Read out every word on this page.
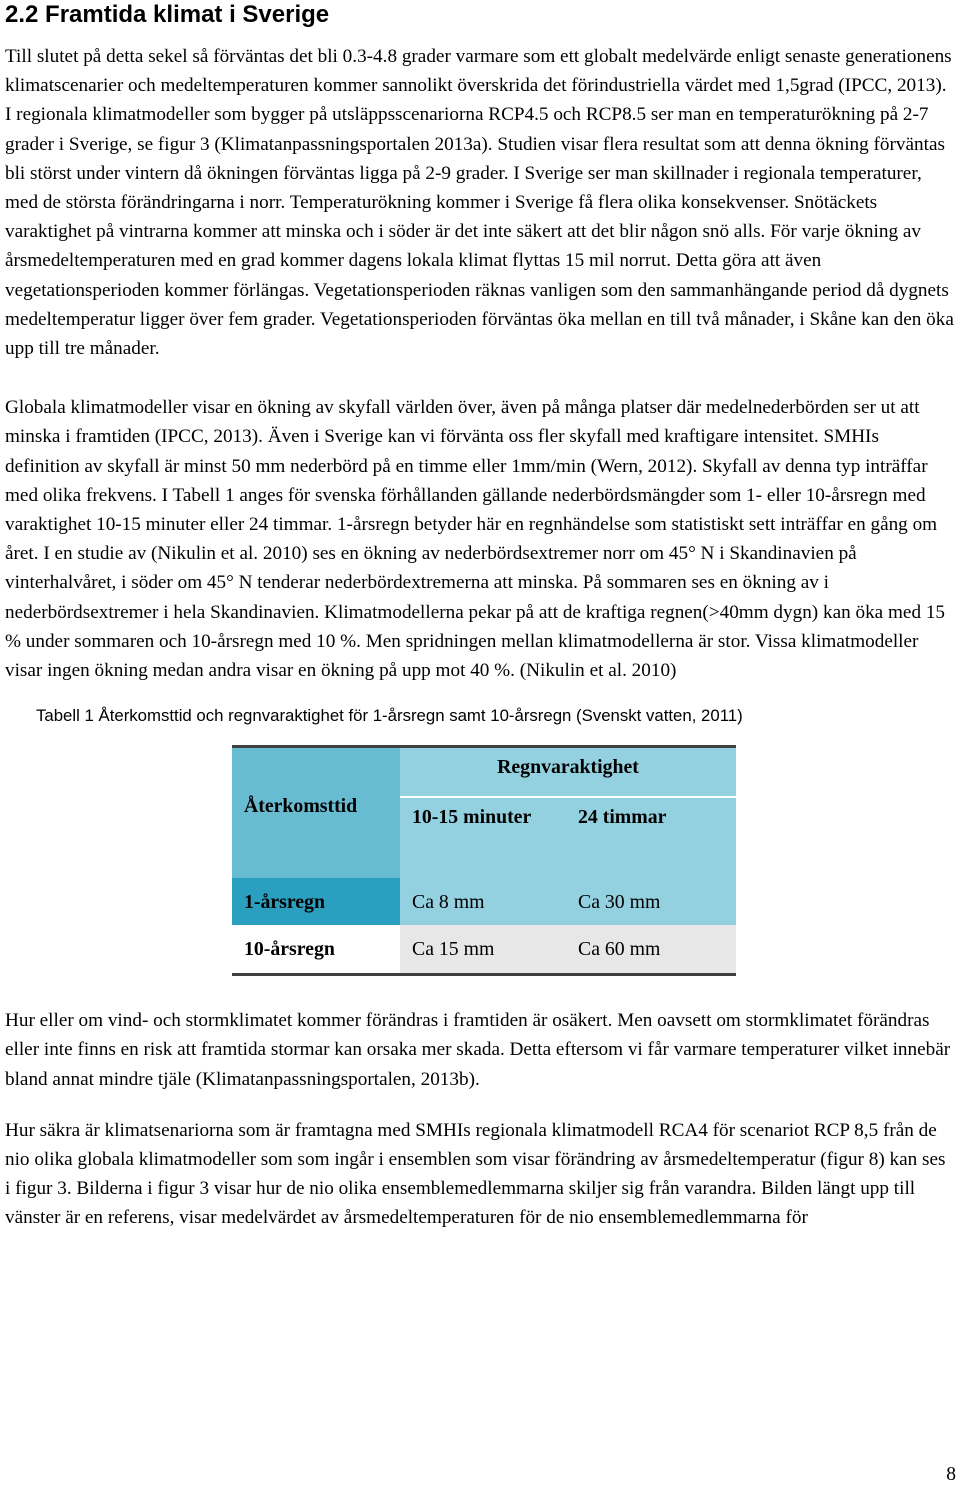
2.2 Framtida klimat i Sverige

Till slutet på detta sekel så förväntas det bli 0.3-4.8 grader varmare som ett globalt medelvärde enligt senaste generationens klimatscenarier och medeltemperaturen kommer sannolikt överskrida det förindustriella värdet med 1,5grad (IPCC, 2013). I regionala klimatmodeller som bygger på utsläppsscenariorna RCP4.5 och RCP8.5 ser man en temperaturökning på 2-7 grader i Sverige, se figur 3 (Klimatanpassningsportalen 2013a). Studien visar flera resultat som att denna ökning förväntas bli störst under vintern då ökningen förväntas ligga på 2-9 grader. I Sverige ser man skillnader i regionala temperaturer, med de största förändringarna i norr. Temperaturökning kommer i Sverige få flera olika konsekvenser. Snötäckets varaktighet på vintrarna kommer att minska och i söder är det inte säkert att det blir någon snö alls. För varje ökning av årsmedeltemperaturen med en grad kommer dagens lokala klimat flyttas 15 mil norrut. Detta göra att även vegetationsperioden kommer förlängas. Vegetationsperioden räknas vanligen som den sammanhängande period då dygnets medeltemperatur ligger över fem grader. Vegetationsperioden förväntas öka mellan en till två månader, i Skåne kan den öka upp till tre månader.

Globala klimatmodeller visar en ökning av skyfall världen över, även på många platser där medelnederbörden ser ut att minska i framtiden (IPCC, 2013). Även i Sverige kan vi förvänta oss fler skyfall med kraftigare intensitet. SMHIs definition av skyfall är minst 50 mm nederbörd på en timme eller 1mm/min (Wern, 2012). Skyfall av denna typ inträffar med olika frekvens. I Tabell 1 anges för svenska förhållanden gällande nederbördsmängder som 1- eller 10-årsregn med varaktighet 10-15 minuter eller 24 timmar. 1-årsregn betyder här en regnhändelse som statistiskt sett inträffar en gång om året. I en studie av (Nikulin et al. 2010) ses en ökning av nederbördsextremer norr om 45° N i Skandinavien på vinterhalvåret, i söder om 45° N tenderar nederbördextremerna att minska. På sommaren ses en ökning av i nederbördsextremer i hela Skandinavien. Klimatmodellerna pekar på att de kraftiga regnen(>40mm dygn) kan öka med 15 % under sommaren och 10-årsregn med 10 %. Men spridningen mellan klimatmodellerna är stor. Vissa klimatmodeller visar ingen ökning medan andra visar en ökning på upp mot 40 %. (Nikulin et al. 2010)

Tabell 1 Återkomsttid och regnvaraktighet för 1-årsregn samt 10-årsregn (Svenskt vatten, 2011)
Återkomsttid
Regnvaraktighet
10-15 minuter	24 timmar
1-årsregn	Ca 8 mm	Ca 30 mm
10-årsregn	Ca 15 mm	Ca 60 mm

Hur eller om vind- och stormklimatet kommer förändras i framtiden är osäkert. Men oavsett om stormklimatet förändras eller inte finns en risk att framtida stormar kan orsaka mer skada. Detta eftersom vi får varmare temperaturer vilket innebär bland annat mindre tjäle (Klimatanpassningsportalen, 2013b).

Hur säkra är klimatsenariorna som är framtagna med SMHIs regionala klimatmodell RCA4 för scenariot RCP 8,5 från de nio olika globala klimatmodeller som som ingår i ensemblen som visar förändring av årsmedeltemperatur (figur 8) kan ses i figur 3. Bilderna i figur 3 visar hur de nio olika ensemblemedlemmarna skiljer sig från varandra. Bilden längt upp till vänster är en referens, visar medelvärdet av årsmedeltemperaturen för de nio ensemblemedlemmarna för

8
